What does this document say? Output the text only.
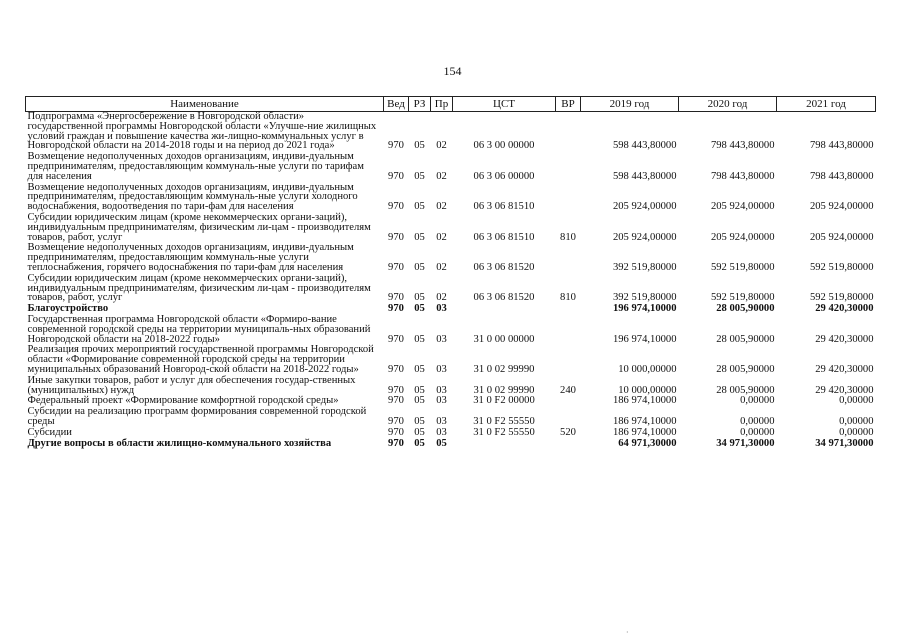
154
Наименование	Вед	РЗ	Пр	ЦСТ	ВР	2019 год	2020 год	2021 год
Подпрограмма «Энергосбережение в Новгородской области» государственной программы Новгородской области «Улучше-ние жилищных условий граждан и повышение качества жи-лищно-коммунальных услуг в Новгородской области на 2014-2018 годы и на период до 2021 года»	970	05	02	06 3 00 00000		598 443,80000	798 443,80000	798 443,80000
Возмещение недополученных доходов организациям, индиви-дуальным предпринимателям, предоставляющим коммуналь-ные услуги по тарифам для населения	970	05	02	06 3 06 00000		598 443,80000	798 443,80000	798 443,80000
Возмещение недополученных доходов организациям, индиви-дуальным предпринимателям, предоставляющим коммуналь-ные услуги холодного водоснабжения, водоотведения по тари-фам для населения	970	05	02	06 3 06 81510		205 924,00000	205 924,00000	205 924,00000
Субсидии юридическим лицам (кроме некоммерческих органи-заций), индивидуальным предпринимателям, физическим ли-цам - производителям товаров, работ, услуг	970	05	02	06 3 06 81510	810	205 924,00000	205 924,00000	205 924,00000
Возмещение недополученных доходов организациям, индиви-дуальным предпринимателям, предоставляющим коммуналь-ные услуги теплоснабжения, горячего водоснабжения по тари-фам для населения	970	05	02	06 3 06 81520		392 519,80000	592 519,80000	592 519,80000
Субсидии юридическим лицам (кроме некоммерческих органи-заций), индивидуальным предпринимателям, физическим ли-цам - производителям товаров, работ, услуг	970	05	02	06 3 06 81520	810	392 519,80000	592 519,80000	592 519,80000
Благоустройство	970	05	03			196 974,10000	28 005,90000	29 420,30000
Государственная программа Новгородской области «Формиро-вание современной городской среды на территории муниципаль-ных образований Новгородской области на 2018-2022 годы»	970	05	03	31 0 00 00000		196 974,10000	28 005,90000	29 420,30000
Реализация прочих мероприятий государственной программы Новгородской области «Формирование современной городской среды на территории муниципальных образований Новгород-ской области на 2018-2022 годы»	970	05	03	31 0 02 99990		10 000,00000	28 005,90000	29 420,30000
Иные закупки товаров, работ и услуг для обеспечения государ-ственных (муниципальных) нужд	970	05	03	31 0 02 99990	240	10 000,00000	28 005,90000	29 420,30000
Федеральный проект «Формирование комфортной городской среды»	970	05	03	31 0 F2 00000		186 974,10000	0,00000	0,00000
Субсидии на реализацию программ формирования современной городской среды	970	05	03	31 0 F2 55550		186 974,10000	0,00000	0,00000
Субсидии	970	05	03	31 0 F2 55550	520	186 974,10000	0,00000	0,00000
Другие вопросы в области жилищно-коммунального хозяйства	970	05	05			64 971,30000	34 971,30000	34 971,30000
·
